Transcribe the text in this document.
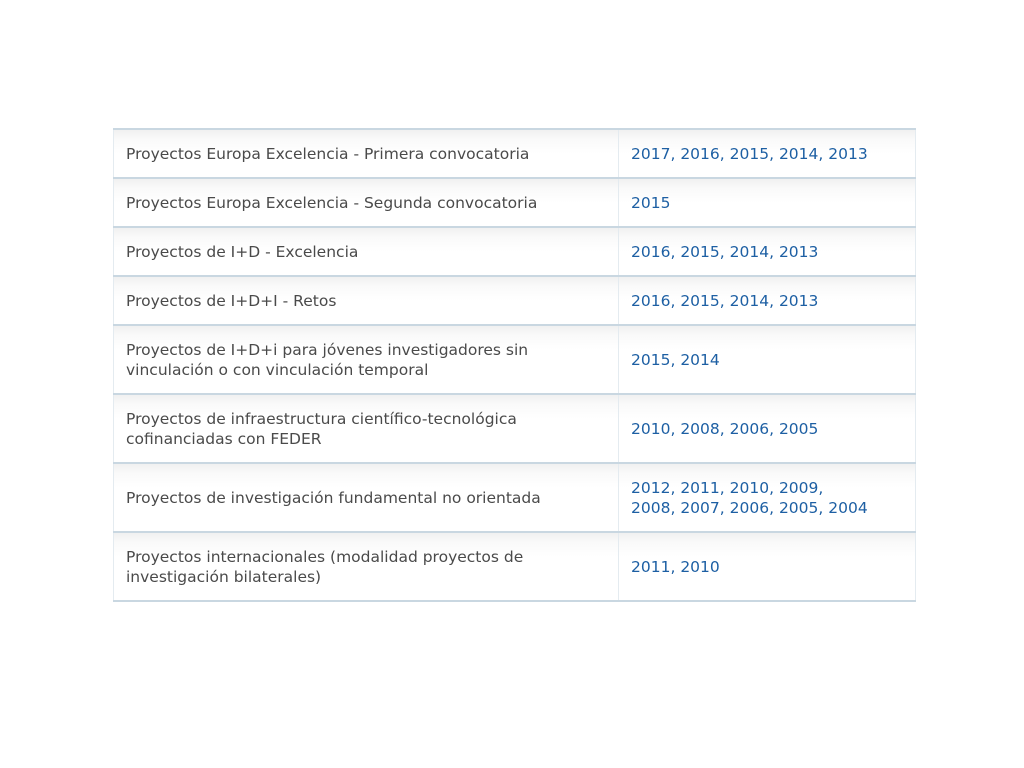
Proyectos Europa Excelencia - Primera convocatoria	2017, 2016, 2015, 2014, 2013
Proyectos Europa Excelencia - Segunda convocatoria	2015
Proyectos de I+D - Excelencia	2016, 2015, 2014, 2013
Proyectos de I+D+I - Retos	2016, 2015, 2014, 2013
Proyectos de I+D+i para jóvenes investigadores sin vinculación o con vinculación temporal	2015, 2014
Proyectos de infraestructura científico-tecnológica cofinanciadas con FEDER	2010, 2008, 2006, 2005
Proyectos de investigación fundamental no orientada	2012, 2011, 2010, 2009,
2008, 2007, 2006, 2005, 2004
Proyectos internacionales (modalidad proyectos de investigación bilaterales)	2011, 2010
